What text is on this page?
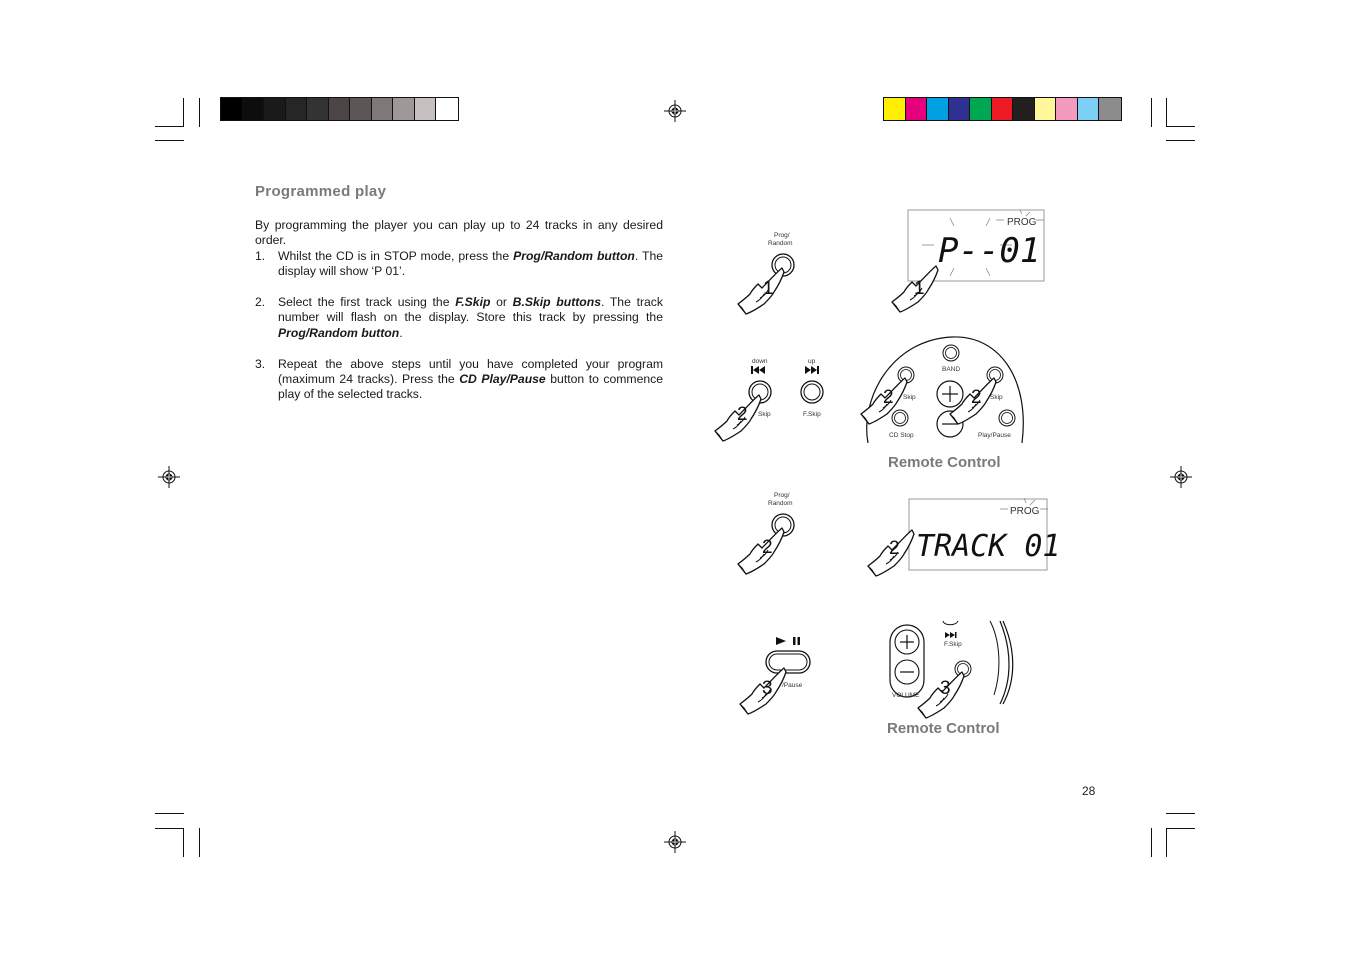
Programmed play

By programming the player you can play up to 24 tracks in any desired order.

1.	Whilst the CD is in STOP mode, press the Prog/Random button. The display will show ‘P 01’.
2.	Select the first track using the F.Skip or B.Skip buttons. The track number will flash on the display. Store this track by pressing the Prog/Random button.
3.	Repeat the above steps until you have completed your program (maximum 24 tracks). Press the CD Play/Pause button to commence play of the selected tracks.
Prog/
Random
1
PROG
P--01
1
down	up
Skip	F.Skip
2
BAND
Skip	Skip
CD Stop	Play/Pause
2	2
Prog/
Random
2
PROG
TRACK 01
2
/Pause
3	VOLUME
F.Skip
3
Remote Control
Remote Control
28
